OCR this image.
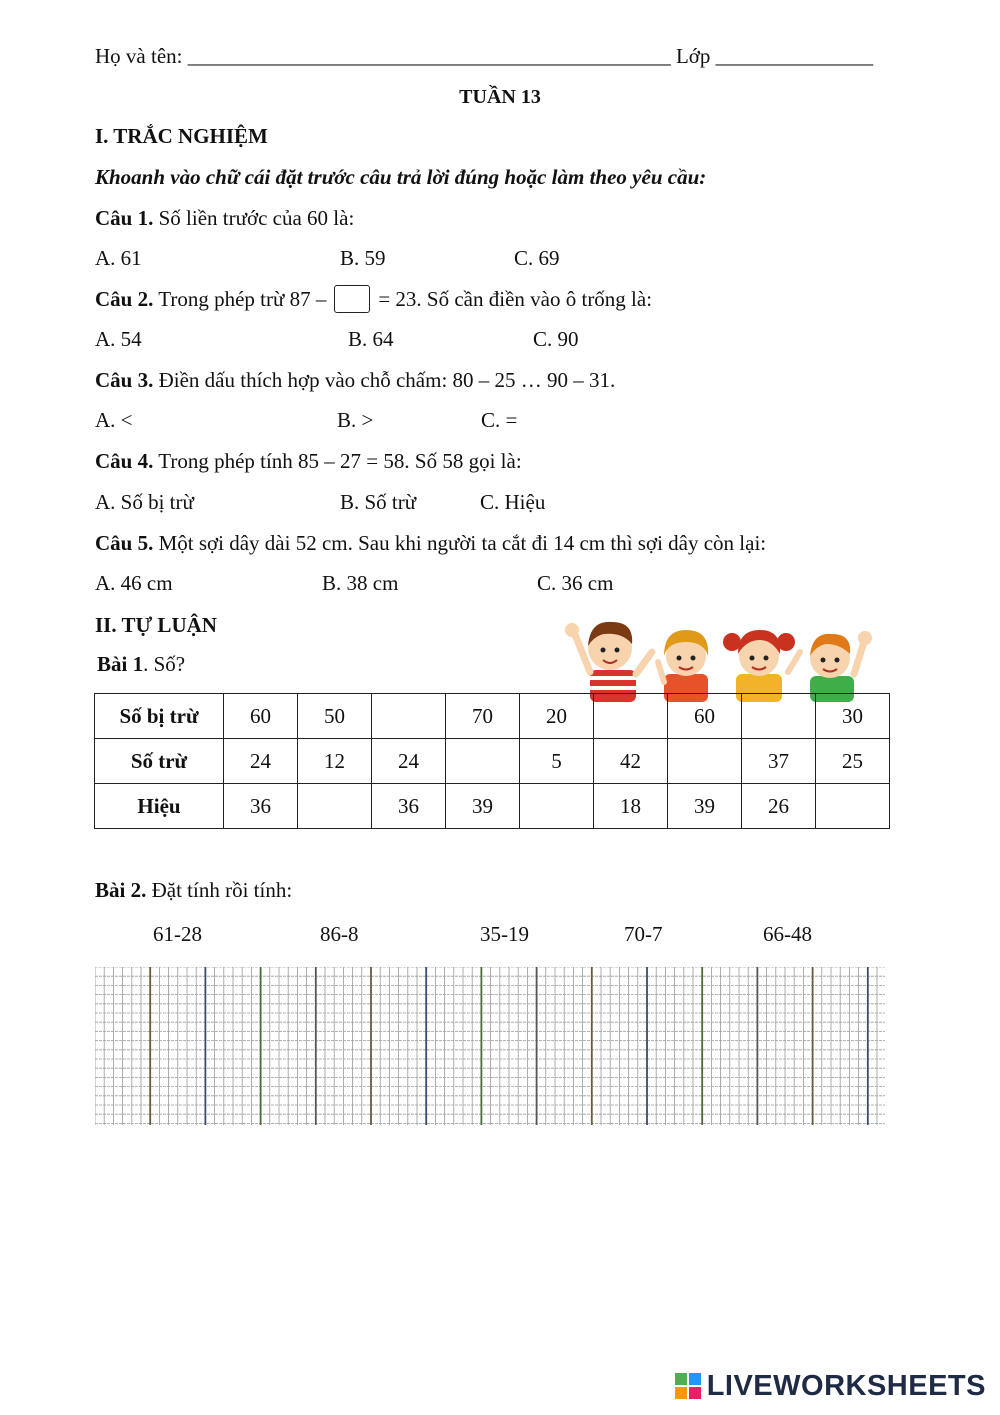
Họ và tên: ______________________________________________ Lớp _______________
TUẦN 13
I. TRẮC NGHIỆM
Khoanh vào chữ cái đặt trước câu trả lời đúng hoặc làm theo yêu cầu:
Câu 1. Số liền trước của 60 là:
A. 61	B. 59	C. 69
Câu 2. Trong phép trừ 87 – = 23. Số cần điền vào ô trống là:
A. 54	B. 64	C. 90
Câu 3. Điền dấu thích hợp vào chỗ chấm: 80 – 25 … 90 – 31.
A. <	B. >	C. =
Câu 4. Trong phép tính 85 – 27 = 58. Số 58 gọi là:
A. Số bị trừ	B. Số trừ	C. Hiệu
Câu 5. Một sợi dây dài 52 cm. Sau khi người ta cắt đi 14 cm thì sợi dây còn lại:
A. 46 cm	B. 38 cm	C. 36 cm
II. TỰ LUẬN
Bài 1. Số?
Số bị trừ	60	50		70	20		60		30
Số trừ	24	12	24		5	42		37	25
Hiệu	36		36	39		18	39	26	
Bài 2. Đặt tính rồi tính:
61-28	86-8	35-19	70-7	66-48
LIVEWORKSHEETS
